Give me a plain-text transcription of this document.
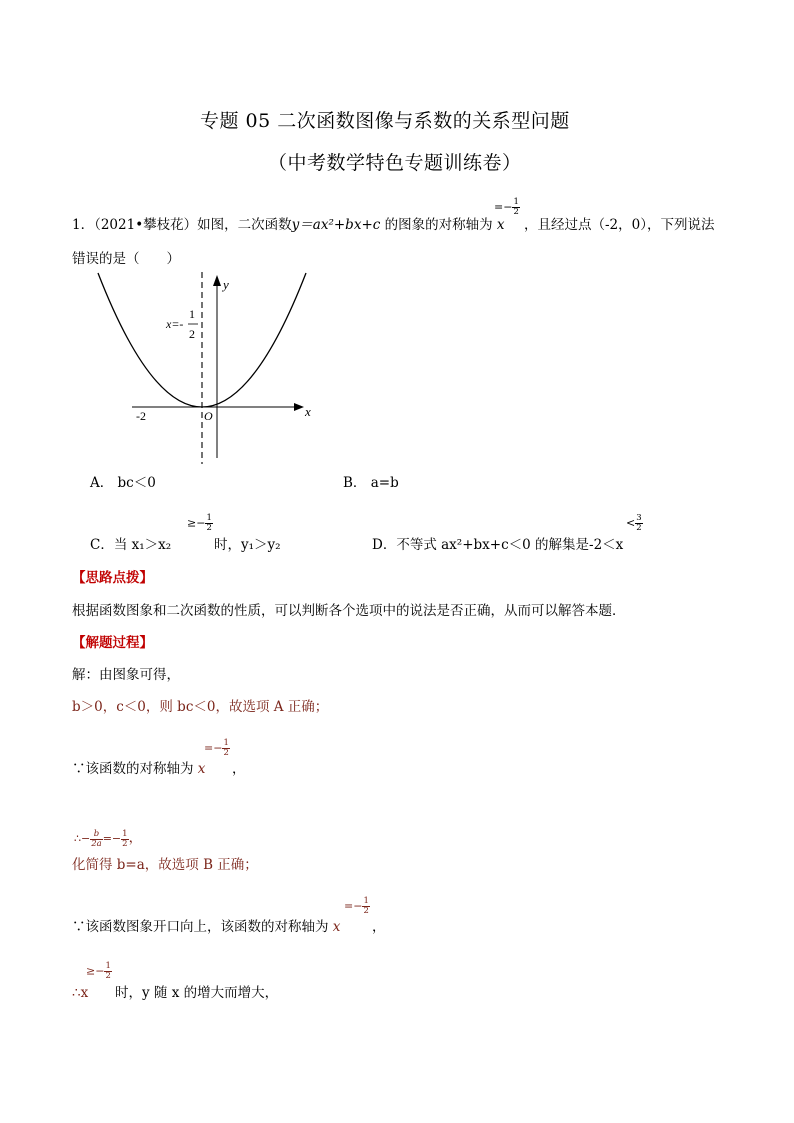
专题 05 二次函数图像与系数的关系型问题
（中考数学特色专题训练卷）
1．（2021•攀枝花）如图，二次函数y＝ax²+bx+c 的图象的对称轴为 x
=− $\frac{1}{2}$
，且经过点（-2，0），下列说法
错误的是（　　）
y
x
O
-2
x=-
1
2
A． bc＜0	B． a=b
C．当 x₁＞x₂
≥− $\frac{1}{2}$
时，y₁＞y₂	D．不等式 ax²+bx+c＜0 的解集是-2＜x
< $\frac{3}{2}$
【思路点拨】
根据函数图象和二次函数的性质，可以判断各个选项中的说法是否正确，从而可以解答本题．
【解题过程】
解：由图象可得，
b＞0，c＜0，则 bc＜0，故选项 A 正确；
∵该函数的对称轴为 x
=− $\frac{1}{2}$
，
∴− $\frac{b}{2a} =- \frac{1}{2}$ ，
化简得 b=a，故选项 B 正确；
∵该函数图象开口向上，该函数的对称轴为 x
=− $\frac{1}{2}$
，
∴x
≥− $\frac{1}{2}$
时，y 随 x 的增大而增大，
